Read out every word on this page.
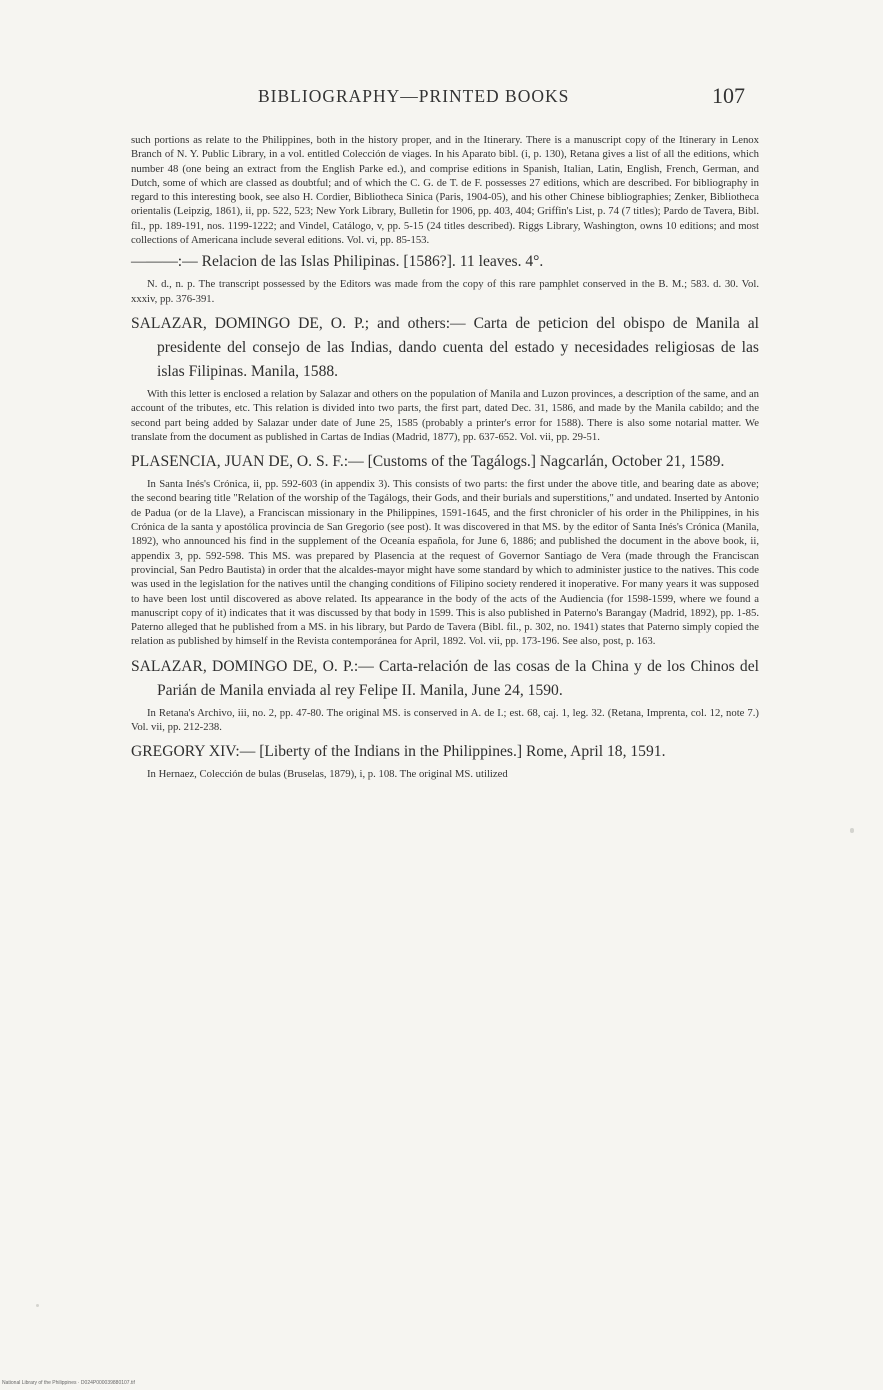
BIBLIOGRAPHY—PRINTED BOOKS	107

such portions as relate to the Philippines, both in the history proper, and in the Itinerary. There is a manuscript copy of the Itinerary in Lenox Branch of N. Y. Public Library, in a vol. entitled Colección de viages. In his Aparato bibl. (i, p. 130), Retana gives a list of all the editions, which number 48 (one being an extract from the English Parke ed.), and comprise editions in Spanish, Italian, Latin, English, French, German, and Dutch, some of which are classed as doubtful; and of which the C. G. de T. de F. possesses 27 editions, which are described. For bibliography in regard to this interesting book, see also H. Cordier, Bibliotheca Sinica (Paris, 1904-05), and his other Chinese bibliographies; Zenker, Bibliotheca orientalis (Leipzig, 1861), ii, pp. 522, 523; New York Library, Bulletin for 1906, pp. 403, 404; Griffin's List, p. 74 (7 titles); Pardo de Tavera, Bibl. fil., pp. 189-191, nos. 1199-1222; and Vindel, Catálogo, v, pp. 5-15 (24 titles described). Riggs Library, Washington, owns 10 editions; and most collections of Americana include several editions. Vol. vi, pp. 85-153.

———:— Relacion de las Islas Philipinas. [1586?]. 11 leaves. 4°.

N. d., n. p. The transcript possessed by the Editors was made from the copy of this rare pamphlet conserved in the B. M.; 583. d. 30. Vol. xxxiv, pp. 376-391.

SALAZAR, DOMINGO DE, O. P.; and others:— Carta de peticion del obispo de Manila al presidente del consejo de las Indias, dando cuenta del estado y necesidades religiosas de las islas Filipinas. Manila, 1588.

With this letter is enclosed a relation by Salazar and others on the population of Manila and Luzon provinces, a description of the same, and an account of the tributes, etc. This relation is divided into two parts, the first part, dated Dec. 31, 1586, and made by the Manila cabildo; and the second part being added by Salazar under date of June 25, 1585 (probably a printer's error for 1588). There is also some notarial matter. We translate from the document as published in Cartas de Indias (Madrid, 1877), pp. 637-652. Vol. vii, pp. 29-51.

PLASENCIA, JUAN DE, O. S. F.:— [Customs of the Tagálogs.] Nagcarlán, October 21, 1589.

In Santa Inés's Crónica, ii, pp. 592-603 (in appendix 3). This consists of two parts: the first under the above title, and bearing date as above; the second bearing title "Relation of the worship of the Tagálogs, their Gods, and their burials and superstitions," and undated. Inserted by Antonio de Padua (or de la Llave), a Franciscan missionary in the Philippines, 1591-1645, and the first chronicler of his order in the Philippines, in his Crónica de la santa y apostólica provincia de San Gregorio (see post). It was discovered in that MS. by the editor of Santa Inés's Crónica (Manila, 1892), who announced his find in the supplement of the Oceanía española, for June 6, 1886; and published the document in the above book, ii, appendix 3, pp. 592-598. This MS. was prepared by Plasencia at the request of Governor Santiago de Vera (made through the Franciscan provincial, San Pedro Bautista) in order that the alcaldes-mayor might have some standard by which to administer justice to the natives. This code was used in the legislation for the natives until the changing conditions of Filipino society rendered it inoperative. For many years it was supposed to have been lost until discovered as above related. Its appearance in the body of the acts of the Audiencia (for 1598-1599, where we found a manuscript copy of it) indicates that it was discussed by that body in 1599. This is also published in Paterno's Barangay (Madrid, 1892), pp. 1-85. Paterno alleged that he published from a MS. in his library, but Pardo de Tavera (Bibl. fil., p. 302, no. 1941) states that Paterno simply copied the relation as published by himself in the Revista contemporánea for April, 1892. Vol. vii, pp. 173-196. See also, post, p. 163.

SALAZAR, DOMINGO DE, O. P.:— Carta-relación de las cosas de la China y de los Chinos del Parián de Manila enviada al rey Felipe II. Manila, June 24, 1590.

In Retana's Archivo, iii, no. 2, pp. 47-80. The original MS. is conserved in A. de I.; est. 68, caj. 1, leg. 32. (Retana, Imprenta, col. 12, note 7.) Vol. vii, pp. 212-238.

GREGORY XIV:— [Liberty of the Indians in the Philippines.] Rome, April 18, 1591.

In Hernaez, Colección de bulas (Bruselas, 1879), i, p. 108. The original MS. utilized

National Library of the Philippines · D024P000039880107.tif
